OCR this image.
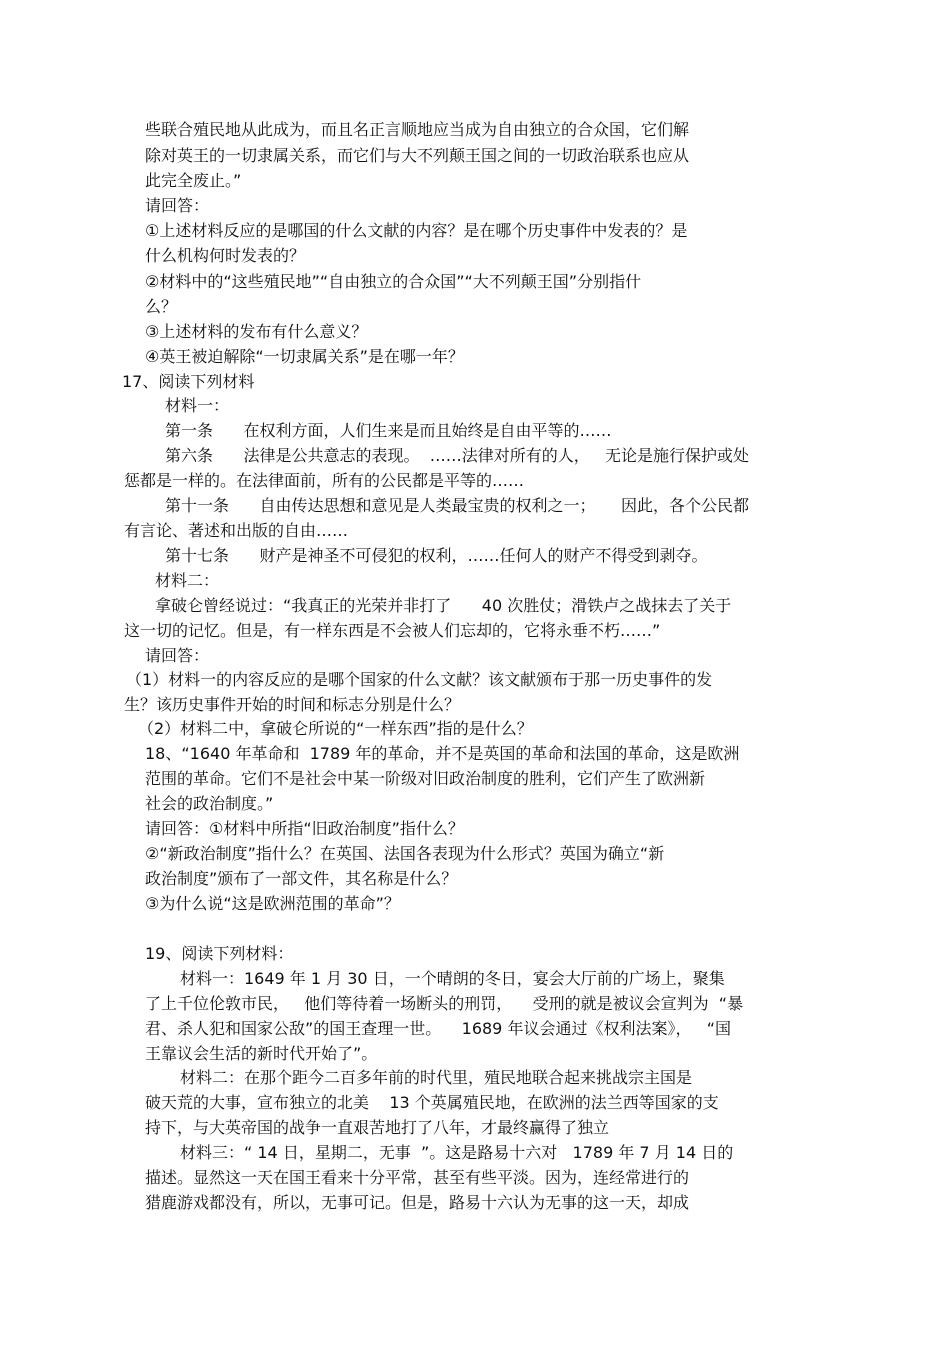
些联合殖民地从此成为，而且名正言顺地应当成为自由独立的合众国，它们解
除对英王的一切隶属关系，而它们与大不列颠王国之间的一切政治联系也应从
此完全废止。”
请回答：
①上述材料反应的是哪国的什么文献的内容？是在哪个历史事件中发表的？是
什么机构何时发表的？
②材料中的“这些殖民地”“自由独立的合众国”“大不列颠王国”分别指什
么？
③上述材料的发布有什么意义？
④英王被迫解除“一切隶属关系”是在哪一年？
17、阅读下列材料
材料一：
第一条      在权利方面，人们生来是而且始终是自由平等的……
第六条      法律是公共意志的表现。  ……法律对所有的人，   无论是施行保护或处
惩都是一样的。在法律面前，所有的公民都是平等的……
第十一条      自由传达思想和意见是人类最宝贵的权利之一；     因此，各个公民都
有言论、著述和出版的自由……
第十七条      财产是神圣不可侵犯的权利，……任何人的财产不得受到剥夺。
材料二：
拿破仑曾经说过：“我真正的光荣并非打了      40 次胜仗；滑铁卢之战抹去了关于
这一切的记忆。但是，有一样东西是不会被人们忘却的，它将永垂不朽……”
请回答：
（1）材料一的内容反应的是哪个国家的什么文献？该文献颁布于那一历史事件的发
生？该历史事件开始的时间和标志分别是什么？
（2）材料二中，拿破仑所说的“一样东西”指的是什么？
18、“1640 年革命和  1789 年的革命，并不是英国的革命和法国的革命，这是欧洲
范围的革命。它们不是社会中某一阶级对旧政治制度的胜利，它们产生了欧洲新
社会的政治制度。”
请回答：①材料中所指“旧政治制度”指什么？
②“新政治制度”指什么？在英国、法国各表现为什么形式？英国为确立“新
政治制度”颁布了一部文件，其名称是什么？
③为什么说“这是欧洲范围的革命”？
19、阅读下列材料：
材料一：1649 年 1 月 30 日，一个晴朗的冬日，宴会大厅前的广场上，聚集
了上千位伦敦市民，   他们等待着一场断头的刑罚，    受刑的就是被议会宣判为  “暴
君、杀人犯和国家公敌”的国王查理一世。    1689 年议会通过《权利法案》，   “国
王靠议会生活的新时代开始了”。
材料二：在那个距今二百多年前的时代里，殖民地联合起来挑战宗主国是
破天荒的大事，宣布独立的北美    13 个英属殖民地，在欧洲的法兰西等国家的支
持下，与大英帝国的战争一直艰苦地打了八年，才最终赢得了独立
材料三：“ 14 日，星期二，无事  ”。这是路易十六对   1789 年 7 月 14 日的
描述。显然这一天在国王看来十分平常，甚至有些平淡。因为，连经常进行的
猎鹿游戏都没有，所以，无事可记。但是，路易十六认为无事的这一天，却成
